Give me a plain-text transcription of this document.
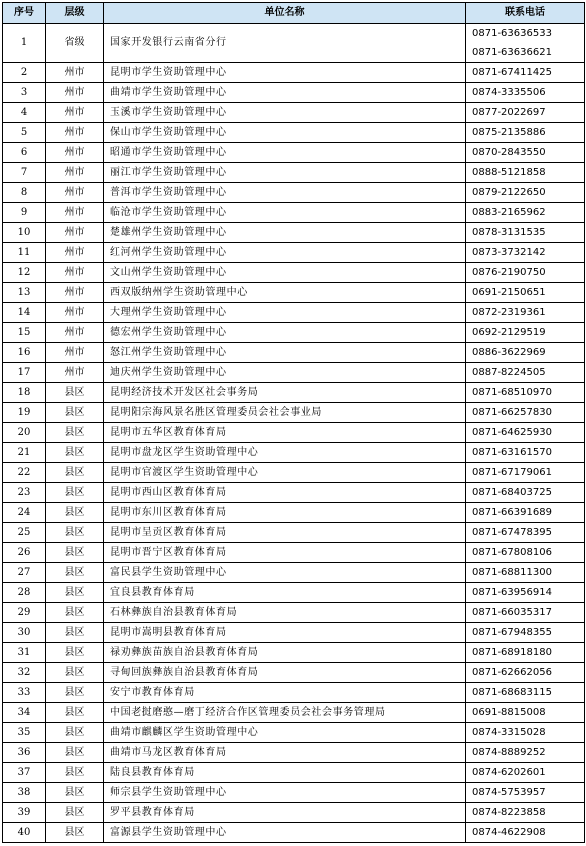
序号	层级	单位名称	联系电话
1	省级	国家开发银行云南省分行	0871-63636533
0871-63636621

2	州市	昆明市学生资助管理中心	0871-67411425
3	州市	曲靖市学生资助管理中心	0874-3335506
4	州市	玉溪市学生资助管理中心	0877-2022697
5	州市	保山市学生资助管理中心	0875-2135886
6	州市	昭通市学生资助管理中心	0870-2843550
7	州市	丽江市学生资助管理中心	0888-5121858
8	州市	普洱市学生资助管理中心	0879-2122650
9	州市	临沧市学生资助管理中心	0883-2165962
10	州市	楚雄州学生资助管理中心	0878-3131535
11	州市	红河州学生资助管理中心	0873-3732142
12	州市	文山州学生资助管理中心	0876-2190750
13	州市	西双版纳州学生资助管理中心	0691-2150651
14	州市	大理州学生资助管理中心	0872-2319361
15	州市	德宏州学生资助管理中心	0692-2129519
16	州市	怒江州学生资助管理中心	0886-3622969
17	州市	迪庆州学生资助管理中心	0887-8224505
18	县区	昆明经济技术开发区社会事务局	0871-68510970
19	县区	昆明阳宗海风景名胜区管理委员会社会事业局	0871-66257830
20	县区	昆明市五华区教育体育局	0871-64625930
21	县区	昆明市盘龙区学生资助管理中心	0871-63161570
22	县区	昆明市官渡区学生资助管理中心	0871-67179061
23	县区	昆明市西山区教育体育局	0871-68403725
24	县区	昆明市东川区教育体育局	0871-66391689
25	县区	昆明市呈贡区教育体育局	0871-67478395
26	县区	昆明市晋宁区教育体育局	0871-67808106
27	县区	富民县学生资助管理中心	0871-68811300
28	县区	宜良县教育体育局	0871-63956914
29	县区	石林彝族自治县教育体育局	0871-66035317
30	县区	昆明市嵩明县教育体育局	0871-67948355
31	县区	禄劝彝族苗族自治县教育体育局	0871-68918180
32	县区	寻甸回族彝族自治县教育体育局	0871-62662056
33	县区	安宁市教育体育局	0871-68683115
34	县区	中国老挝磨憨—磨丁经济合作区管理委员会社会事务管理局	0691-8815008
35	县区	曲靖市麒麟区学生资助管理中心	0874-3315028
36	县区	曲靖市马龙区教育体育局	0874-8889252
37	县区	陆良县教育体育局	0874-6202601
38	县区	师宗县学生资助管理中心	0874-5753957
39	县区	罗平县教育体育局	0874-8223858
40	县区	富源县学生资助管理中心	0874-4622908
